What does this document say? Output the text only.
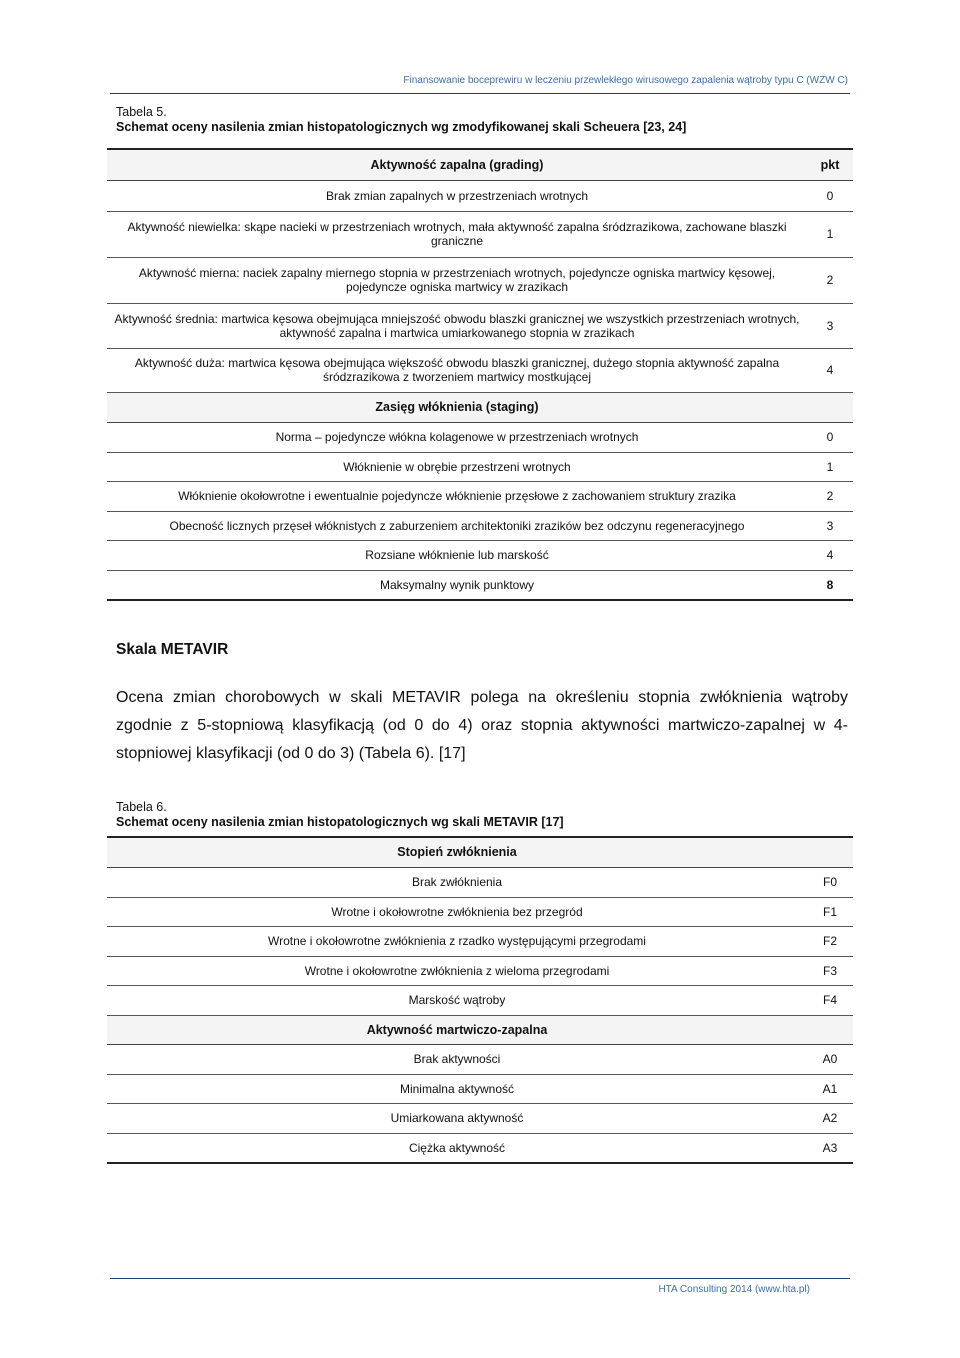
Finansowanie boceprewiru w leczeniu przewlekłego wirusowego zapalenia wątroby typu C (WZW C)
Tabela 5.
Schemat oceny nasilenia zmian histopatologicznych wg zmodyfikowanej skali Scheuera [23, 24]
Aktywność zapalna (grading)	pkt
Brak zmian zapalnych w przestrzeniach wrotnych	0
Aktywność niewielka: skąpe nacieki w przestrzeniach wrotnych, mała aktywność zapalna śródzrazikowa, zachowane blaszki graniczne	1
Aktywność mierna: naciek zapalny miernego stopnia w przestrzeniach wrotnych, pojedyncze ogniska martwicy kęsowej, pojedyncze ogniska martwicy w zrazikach	2
Aktywność średnia: martwica kęsowa obejmująca mniejszość obwodu blaszki granicznej we wszystkich przestrzeniach wrotnych, aktywność zapalna i martwica umiarkowanego stopnia w zrazikach	3
Aktywność duża: martwica kęsowa obejmująca większość obwodu blaszki granicznej, dużego stopnia aktywność zapalna śródzrazikowa z tworzeniem martwicy mostkującej	4
Zasięg włóknienia (staging)	
Norma – pojedyncze włókna kolagenowe w przestrzeniach wrotnych	0
Włóknienie w obrębie przestrzeni wrotnych	1
Włóknienie okołowrotne i ewentualnie pojedyncze włóknienie przęsłowe z zachowaniem struktury zrazika	2
Obecność licznych przęseł włóknistych z zaburzeniem architektoniki zrazików bez odczynu regeneracyjnego	3
Rozsiane włóknienie lub marskość	4
Maksymalny wynik punktowy	8
Skala METAVIR
Ocena zmian chorobowych w skali METAVIR polega na określeniu stopnia zwłóknienia wątroby zgodnie z 5-stopniową klasyfikacją (od 0 do 4) oraz stopnia aktywności martwiczo-zapalnej w 4-stopniowej klasyfikacji (od 0 do 3) (Tabela 6). [17]
Tabela 6.
Schemat oceny nasilenia zmian histopatologicznych wg skali METAVIR [17]
Stopień zwłóknienia	
Brak zwłóknienia	F0
Wrotne i okołowrotne zwłóknienia bez przegród	F1
Wrotne i okołowrotne zwłóknienia z rzadko występującymi przegrodami	F2
Wrotne i okołowrotne zwłóknienia z wieloma przegrodami	F3
Marskość wątroby	F4
Aktywność martwiczo-zapalna	
Brak aktywności	A0
Minimalna aktywność	A1
Umiarkowana aktywność	A2
Ciężka aktywność	A3
HTA Consulting 2014 (www.hta.pl)
